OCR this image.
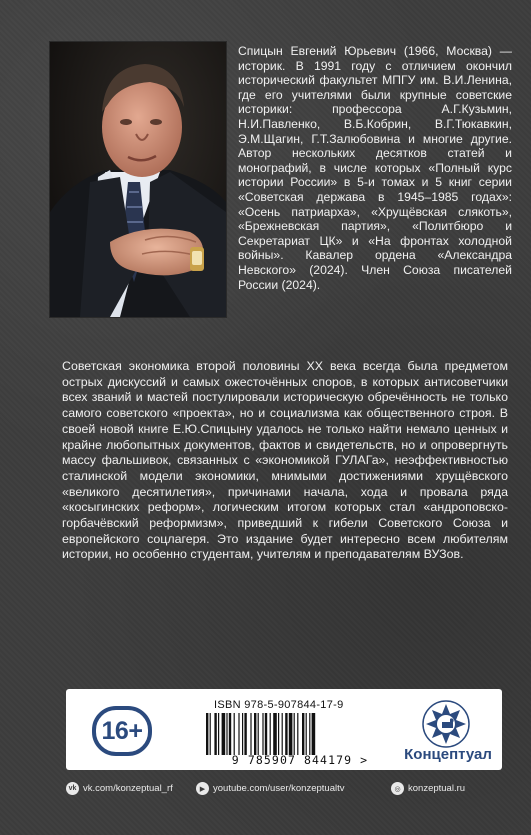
Спицын Евгений Юрьевич (1966, Москва) — историк. В 1991 году с отличием окончил исторический факультет МПГУ им. В.И.Ленина, где его учителями были крупные советские историки: профессора А.Г.Кузьмин, Н.И.Павленко, В.Б.Кобрин, В.Г.Тюкавкин, Э.М.Щагин, Г.Т.Залюбовина и многие другие. Автор нескольких десятков статей и монографий, в числе которых «Полный курс истории России» в 5-и томах и 5 книг серии «Советская держава в 1945–1985 годах»: «Осень патриарха», «Хрущёвская слякоть», «Брежневская партия», «Политбюро и Секретариат ЦК» и «На фронтах холодной войны». Кавалер ордена «Александра Невского» (2024). Член Союза писателей России (2024).
Советская экономика второй половины XX века всегда была предметом острых дискуссий и самых ожесточённых споров, в которых антисоветчики всех званий и мастей постулировали историческую обречённость не только самого советского «проекта», но и социализма как общественного строя. В своей новой книге Е.Ю.Спицыну удалось не только найти немало ценных и крайне любопытных документов, фактов и свидетельств, но и опровергнуть массу фальшивок, связанных с «экономикой ГУЛАГа», неэффективностью сталинской модели экономики, мнимыми достижениями хрущёвского «великого десятилетия», причинами начала, хода и провала ряда «косыгинских реформ», логическим итогом которых стал «андроповско-горбачёвский реформизм», приведший к гибели Советского Союза и европейского соцлагеря. Это издание будет интересно всем любителям истории, но особенно студентам, учителям и преподавателям ВУЗов.
16+
ISBN 978-5-907844-17-9
9 785907 844179 >	Концептуал
vk vk.com/konzeptual_rf	▶ youtube.com/user/konzeptualtv	◎ konzeptual.ru
